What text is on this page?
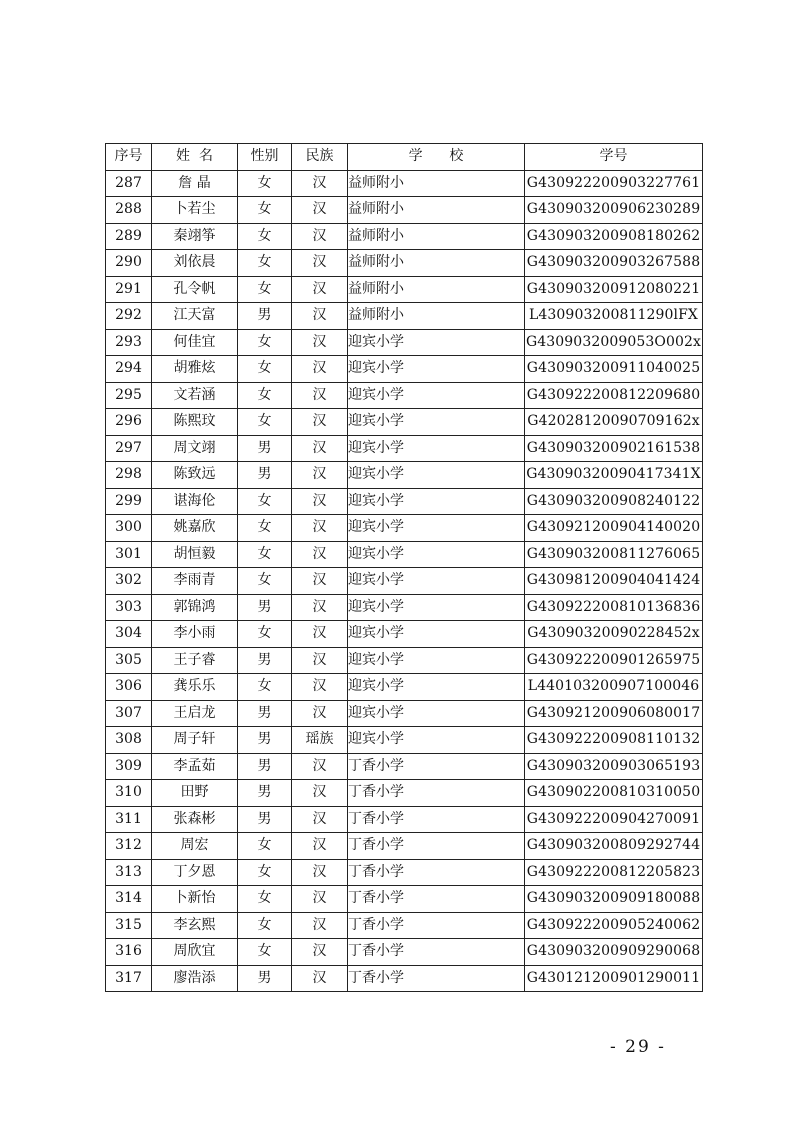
序号	姓  名	性别	民族	学      校	学号
287	詹 晶	女	汉	益师附小	G430922200903227761
288	卜若尘	女	汉	益师附小	G430903200906230289
289	秦翊筝	女	汉	益师附小	G430903200908180262
290	刘依晨	女	汉	益师附小	G430903200903267588
291	孔令帆	女	汉	益师附小	G430903200912080221
292	江天富	男	汉	益师附小	L430903200811290lFX
293	何佳宜	女	汉	迎宾小学	G4309032009053O002x
294	胡雅炫	女	汉	迎宾小学	G430903200911040025
295	文若涵	女	汉	迎宾小学	G430922200812209680
296	陈熙玟	女	汉	迎宾小学	G42028120090709162x
297	周文翊	男	汉	迎宾小学	G430903200902161538
298	陈致远	男	汉	迎宾小学	G43090320090417341X
299	谌海伦	女	汉	迎宾小学	G430903200908240122
300	姚嘉欣	女	汉	迎宾小学	G430921200904140020
301	胡恒毅	女	汉	迎宾小学	G430903200811276065
302	李雨青	女	汉	迎宾小学	G430981200904041424
303	郭锦鸿	男	汉	迎宾小学	G430922200810136836
304	李小雨	女	汉	迎宾小学	G43090320090228452x
305	王子睿	男	汉	迎宾小学	G430922200901265975
306	龚乐乐	女	汉	迎宾小学	L440103200907100046
307	王启龙	男	汉	迎宾小学	G430921200906080017
308	周子轩	男	瑶族	迎宾小学	G430922200908110132
309	李孟茹	男	汉	丁香小学	G430903200903065193
310	田野	男	汉	丁香小学	G430902200810310050
311	张森彬	男	汉	丁香小学	G430922200904270091
312	周宏	女	汉	丁香小学	G430903200809292744
313	丁夕恩	女	汉	丁香小学	G430922200812205823
314	卜新怡	女	汉	丁香小学	G430903200909180088
315	李玄熙	女	汉	丁香小学	G430922200905240062
316	周欣宜	女	汉	丁香小学	G430903200909290068
317	廖浩添	男	汉	丁香小学	G430121200901290011
- 29 -
